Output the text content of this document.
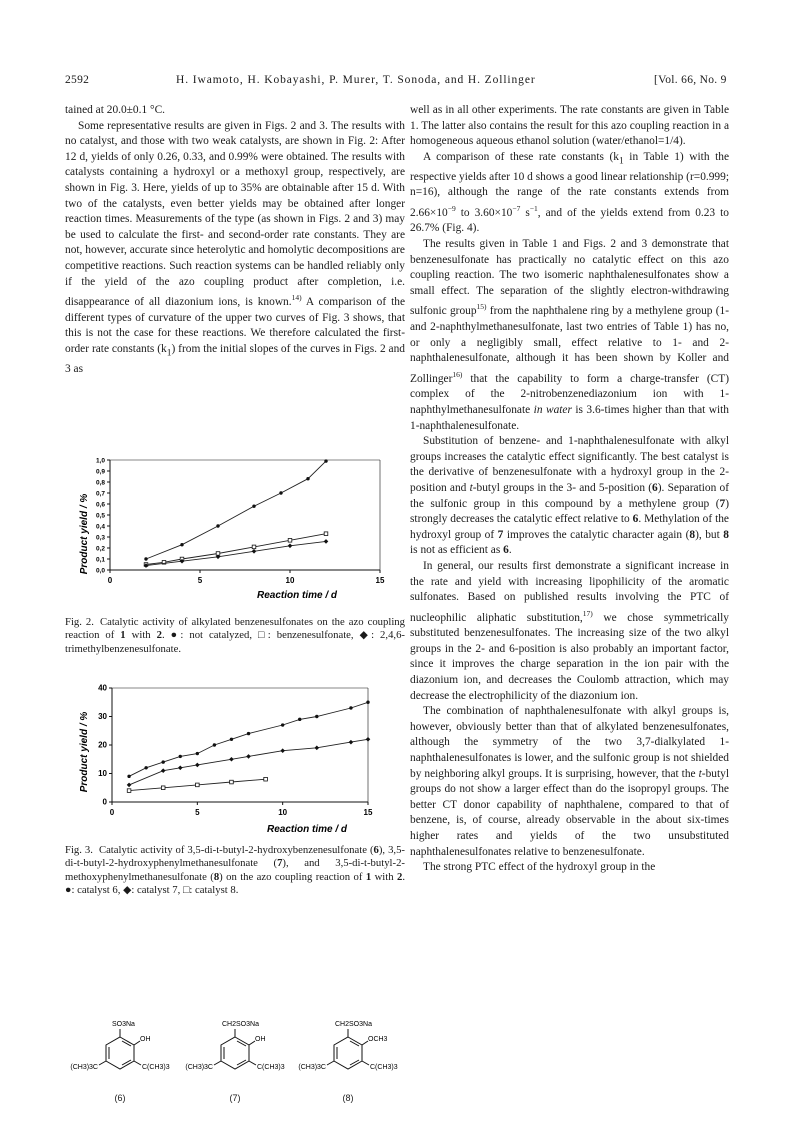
2592	H. Iwamoto, H. Kobayashi, P. Murer, T. Sonoda, and H. Zollinger	[Vol. 66, No. 9

tained at 20.0±0.1 °C.

Some representative results are given in Figs. 2 and 3. The results with no catalyst, and those with two weak catalysts, are shown in Fig. 2: After 12 d, yields of only 0.26, 0.33, and 0.99% were obtained. The results with catalysts containing a hydroxyl or a methoxyl group, respectively, are shown in Fig. 3. Here, yields of up to 35% are obtainable after 15 d. With two of the catalysts, even better yields may be obtained after longer reaction times. Measurements of the type (as shown in Figs. 2 and 3) may be used to calculate the first- and second-order rate constants. They are not, however, accurate since heterolytic and homolytic decompositions are competitive reactions. Such reaction systems can be handled reliably only if the yield of the azo coupling product after completion, i.e. disappearance of all diazonium ions, is known.$^{14)}$ A comparison of the different types of curvature of the upper two curves of Fig. 3 shows, that this is not the case for these reactions. We therefore calculated the first-order rate constants $(k_1)$ from the initial slopes of the curves in Figs. 2 and 3 as

Product yield / %
Reaction time / d
0,0
0,1
0,2
0,3
0,4
0,5
0,6
0,7
0,8
0,9
1,0
0	5	10	15

Fig. 2. Catalytic activity of alkylated benzenesulfonates on the azo coupling reaction of 1 with 2. ●: not catalyzed, □: benzenesulfonate, ◆: 2,4,6-trimethylbenzenesulfonate.

Product yield / %
Reaction time / d
0
10
20
30
40
0	5	10	15

Fig. 3. Catalytic activity of 3,5-di-t-butyl-2-hydroxybenzenesulfonate (6), 3,5-di-t-butyl-2-hydroxyphenylmethanesulfonate (7), and 3,5-di-t-butyl-2-methoxyphenylmethanesulfonate (8) on the azo coupling reaction of 1 with 2. ●: catalyst 6, ◆: catalyst 7, □: catalyst 8.

SO3Na
OH
(CH3)3C	C(CH3)3
(6)
CH2SO3Na
OH
(CH3)3C	C(CH3)3
(7)
CH2SO3Na
OCH3
(CH3)3C	C(CH3)3
(8)

well as in all other experiments. The rate constants are given in Table 1. The latter also contains the result for this azo coupling reaction in a homogeneous aqueous ethanol solution (water/ethanol=1/4).

A comparison of these rate constants ($k_1$ in Table 1) with the respective yields after 10 d shows a good linear relationship (r=0.999; n=16), although the range of the rate constants extends from $2.66\times 10^{-9}$ to $3.60\times 10^{-7}$ $s^{-1}$, and of the yields extend from 0.23 to 26.7% (Fig. 4).

The results given in Table 1 and Figs. 2 and 3 demonstrate that benzenesulfonate has practically no catalytic effect on this azo coupling reaction. The two isomeric naphthalenesulfonates show a small effect. The separation of the slightly electron-withdrawing sulfonic group$^{15)}$ from the naphthalene ring by a methylene group (1- and 2-naphthylmethanesulfonate, last two entries of Table 1) has no, or only a negligibly small, effect relative to 1- and 2-naphthalenesulfonate, although it has been shown by Koller and Zollinger$^{16)}$ that the capability to form a charge-transfer (CT) complex of the 2-nitrobenzenediazonium ion with 1-naphthylmethanesulfonate in water is 3.6-times higher than that with 1-naphthalenesulfonate.

Substitution of benzene- and 1-naphthalenesulfonate with alkyl groups increases the catalytic effect significantly. The best catalyst is the derivative of benzenesulfonate with a hydroxyl group in the 2-position and t-butyl groups in the 3- and 5-position (6). Separation of the sulfonic group in this compound by a methylene group (7) strongly decreases the catalytic effect relative to 6. Methylation of the hydroxyl group of 7 improves the catalytic character again (8), but 8 is not as efficient as 6.

In general, our results first demonstrate a significant increase in the rate and yield with increasing lipophilicity of the aromatic sulfonates. Based on published results involving the PTC of nucleophilic aliphatic substitution,$^{17)}$ we chose symmetrically substituted benzenesulfonates. The increasing size of the two alkyl groups in the 2- and 6-position is also probably an important factor, since it improves the charge separation in the ion pair with the diazonium ion, and decreases the Coulomb attraction, which may decrease the electrophilicity of the diazonium ion.

The combination of naphthalenesulfonate with alkyl groups is, however, obviously better than that of alkylated benzenesulfonates, although the symmetry of the two 3,7-dialkylated 1-naphthalenesulfonates is lower, and the sulfonic group is not shielded by neighboring alkyl groups. It is surprising, however, that the t-butyl groups do not show a larger effect than do the isopropyl groups. The better CT donor capability of naphthalene, compared to that of benzene, is, of course, already observable in the about six-times higher rates and yields of the two unsubstituted naphthalenesulfonates relative to benzenesulfonate.

The strong PTC effect of the hydroxyl group in the
